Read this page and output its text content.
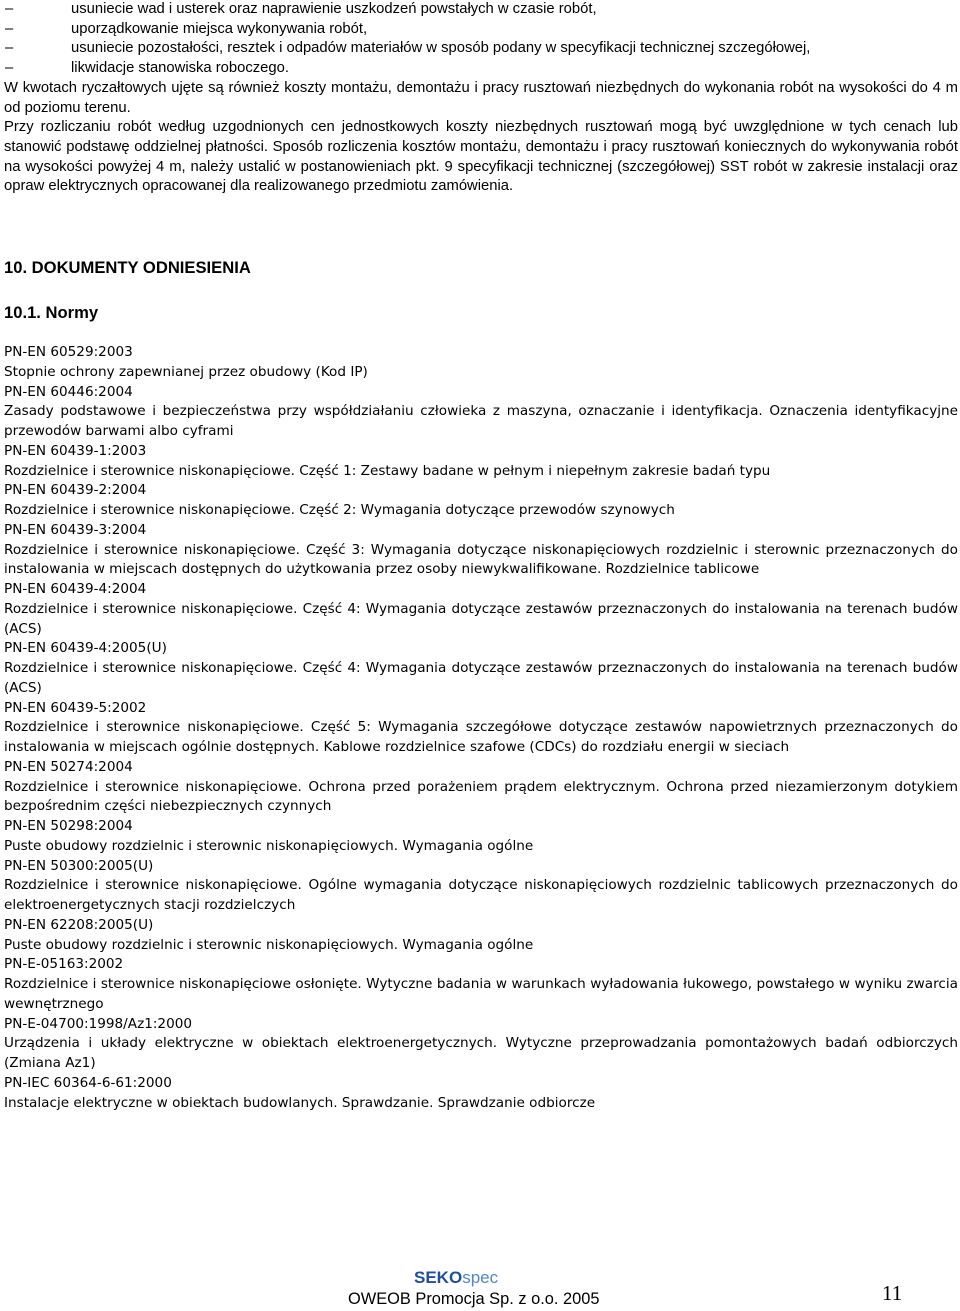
–	usuniecie wad i usterek oraz naprawienie uszkodzeń powstałych w czasie robót,
–	uporządkowanie miejsca wykonywania robót,
–	usuniecie pozostałości, resztek i odpadów materiałów w sposób podany w specyfikacji technicznej szczegółowej,
–	likwidacje stanowiska roboczego.

W kwotach ryczałtowych ujęte są również koszty montażu, demontażu i pracy rusztowań niezbędnych do wykonania robót na wysokości do 4 m od poziomu terenu.

Przy rozliczaniu robót według uzgodnionych cen jednostkowych koszty niezbędnych rusztowań mogą być uwzględnione w tych cenach lub stanowić podstawę oddzielnej płatności. Sposób rozliczenia kosztów montażu, demontażu i pracy rusztowań koniecznych do wykonywania robót na wysokości powyżej 4 m, należy ustalić w postanowieniach pkt. 9 specyfikacji technicznej (szczegółowej) SST robót w zakresie instalacji oraz opraw elektrycznych opracowanej dla realizowanego przedmiotu zamówienia.

10. DOKUMENTY ODNIESIENIA
10.1. Normy

PN-EN 60529:2003

Stopnie ochrony zapewnianej przez obudowy (Kod IP)

PN-EN 60446:2004

Zasady podstawowe i bezpieczeństwa przy współdziałaniu człowieka z maszyna, oznaczanie i identyfikacja. Oznaczenia identyfikacyjne przewodów barwami albo cyframi

PN-EN 60439-1:2003

Rozdzielnice i sterownice niskonapięciowe. Część 1: Zestawy badane w pełnym i niepełnym zakresie badań typu

PN-EN 60439-2:2004

Rozdzielnice i sterownice niskonapięciowe. Część 2: Wymagania dotyczące przewodów szynowych

PN-EN 60439-3:2004

Rozdzielnice i sterownice niskonapięciowe. Część 3: Wymagania dotyczące niskonapięciowych rozdzielnic i sterownic przeznaczonych do instalowania w miejscach dostępnych do użytkowania przez osoby niewykwalifikowane. Rozdzielnice tablicowe

PN-EN 60439-4:2004

Rozdzielnice i sterownice niskonapięciowe. Część 4: Wymagania dotyczące zestawów przeznaczonych do instalowania na terenach budów (ACS)

PN-EN 60439-4:2005(U)

Rozdzielnice i sterownice niskonapięciowe. Część 4: Wymagania dotyczące zestawów przeznaczonych do instalowania na terenach budów (ACS)

PN-EN 60439-5:2002

Rozdzielnice i sterownice niskonapięciowe. Część 5: Wymagania szczegółowe dotyczące zestawów napowietrznych przeznaczonych do instalowania w miejscach ogólnie dostępnych. Kablowe rozdzielnice szafowe (CDCs) do rozdziału energii w sieciach

PN-EN 50274:2004

Rozdzielnice i sterownice niskonapięciowe. Ochrona przed porażeniem prądem elektrycznym. Ochrona przed niezamierzonym dotykiem bezpośrednim części niebezpiecznych czynnych

PN-EN 50298:2004

Puste obudowy rozdzielnic i sterownic niskonapięciowych. Wymagania ogólne

PN-EN 50300:2005(U)

Rozdzielnice i sterownice niskonapięciowe. Ogólne wymagania dotyczące niskonapięciowych rozdzielnic tablicowych przeznaczonych do elektroenergetycznych stacji rozdzielczych

PN-EN 62208:2005(U)

Puste obudowy rozdzielnic i sterownic niskonapięciowych. Wymagania ogólne

PN-E-05163:2002

Rozdzielnice i sterownice niskonapięciowe osłonięte. Wytyczne badania w warunkach wyładowania łukowego, powstałego w wyniku zwarcia wewnętrznego

PN-E-04700:1998/Az1:2000

Urządzenia i układy elektryczne w obiektach elektroenergetycznych. Wytyczne przeprowadzania pomontażowych badań odbiorczych (Zmiana Az1)

PN-IEC 60364-6-61:2000

Instalacje elektryczne w obiektach budowlanych. Sprawdzanie. Sprawdzanie odbiorcze

SEKOspec
OWEOB Promocja Sp. z o.o. 2005	11
